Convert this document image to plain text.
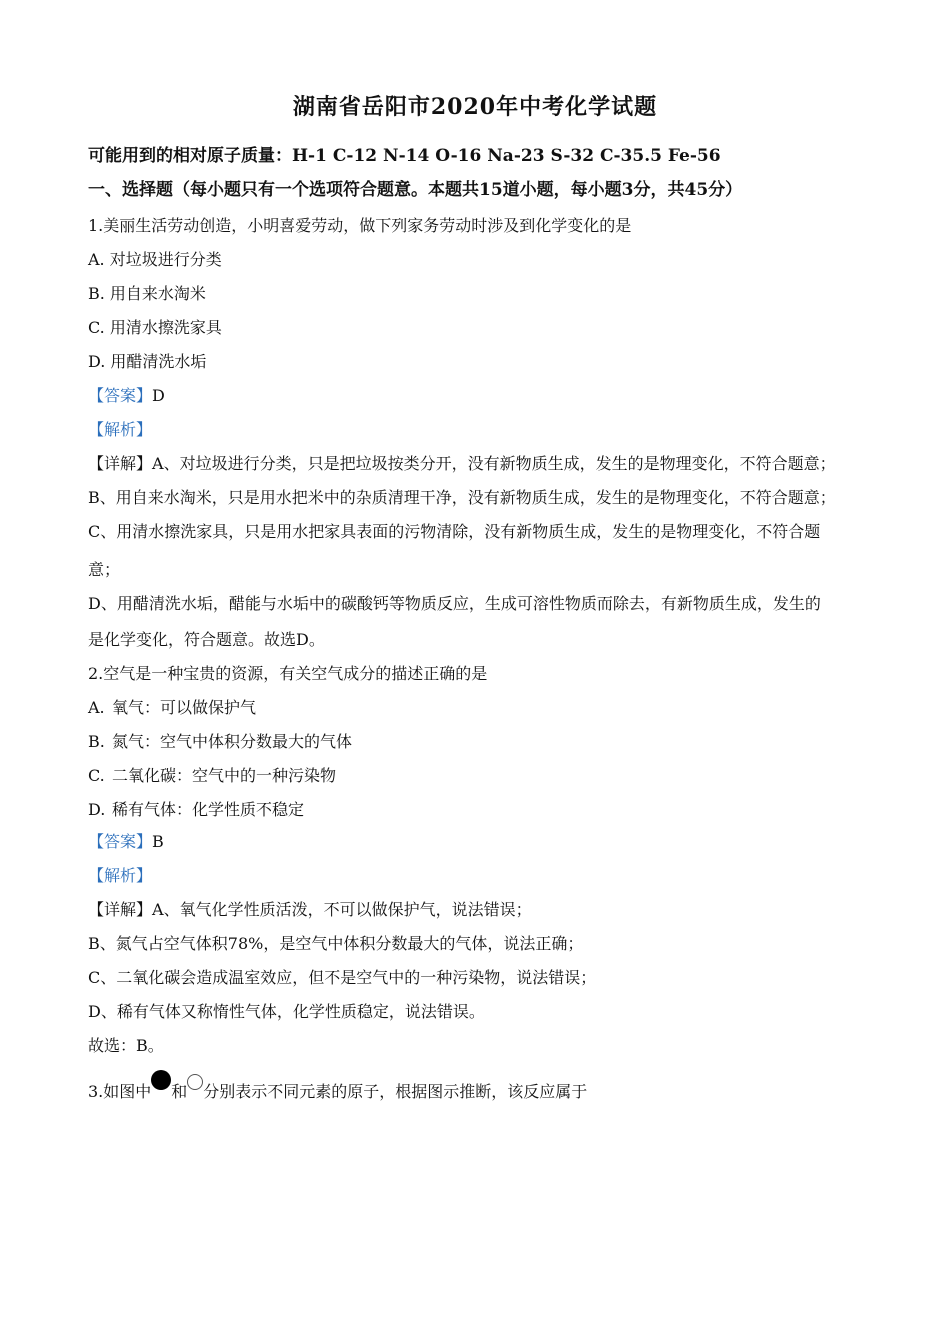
湖南省岳阳市2020年中考化学试题
可能用到的相对原子质量：H-1 C-12 N-14 O-16 Na-23 S-32 C-35.5 Fe-56
一、选择题（每小题只有一个选项符合题意。本题共15道小题，每小题3分，共45分）
1.美丽生活劳动创造，小明喜爱劳动，做下列家务劳动时涉及到化学变化的是
A. 对垃圾进行分类
B. 用自来水淘米
C. 用清水擦洗家具
D. 用醋清洗水垢
【答案】D
【解析】
【详解】A、对垃圾进行分类，只是把垃圾按类分开，没有新物质生成，发生的是物理变化，不符合题意；
B、用自来水淘米，只是用水把米中的杂质清理干净，没有新物质生成，发生的是物理变化，不符合题意；
C、用清水擦洗家具，只是用水把家具表面的污物清除，没有新物质生成，发生的是物理变化，不符合题
意；
D、用醋清洗水垢，醋能与水垢中的碳酸钙等物质反应，生成可溶性物质而除去，有新物质生成，发生的
是化学变化，符合题意。故选D。
2.空气是一种宝贵的资源，有关空气成分的描述正确的是
A. 氧气：可以做保护气
B. 氮气：空气中体积分数最大的气体
C. 二氧化碳：空气中的一种污染物
D. 稀有气体：化学性质不稳定
【答案】B
【解析】
【详解】A、氧气化学性质活泼，不可以做保护气，说法错误；
B、氮气占空气体积78%，是空气中体积分数最大的气体，说法正确；
C、二氧化碳会造成温室效应，但不是空气中的一种污染物，说法错误；
D、稀有气体又称惰性气体，化学性质稳定，说法错误。
故选：B。
3.如图中 和 分别表示不同元素的原子，根据图示推断，该反应属于
